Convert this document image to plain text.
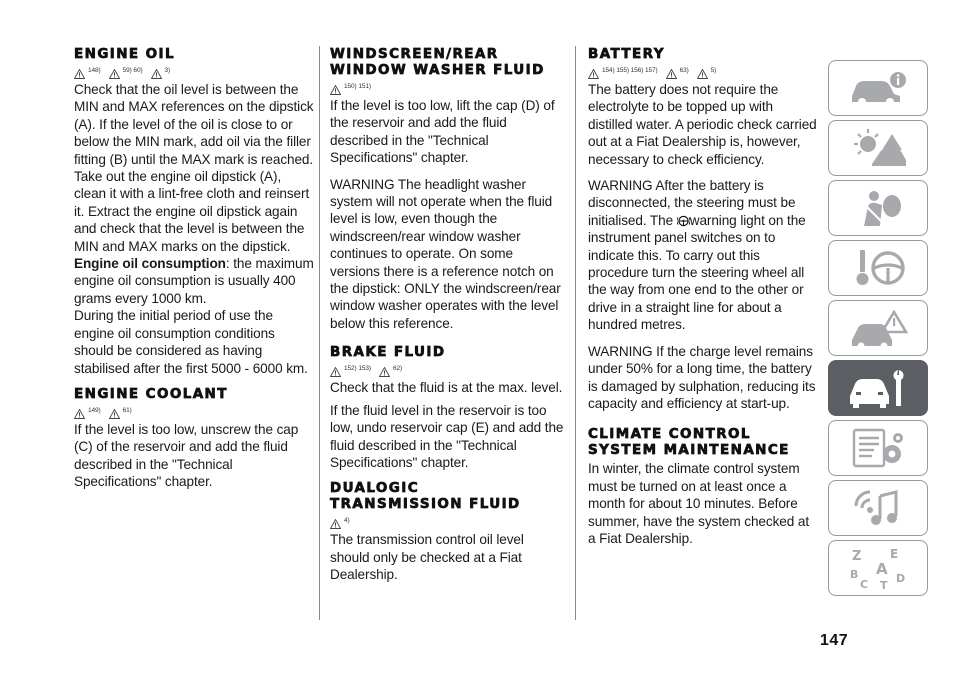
ENGINE OIL
148)	59) 60)	3)

Check that the oil level is between the MIN and MAX references on the dipstick (A). If the level of the oil is close to or below the MIN mark, add oil via the filler fitting (B) until the MAX mark is reached.

Take out the engine oil dipstick (A), clean it with a lint-free cloth and reinsert it. Extract the engine oil dipstick again and check that the level is between the MIN and MAX marks on the dipstick.

Engine oil consumption: the maximum engine oil consumption is usually 400 grams every 1000 km.

During the initial period of use the engine oil consumption conditions should be considered as having stabilised after the first 5000 - 6000 km.

ENGINE COOLANT
149)	61)

If the level is too low, unscrew the cap (C) of the reservoir and add the fluid described in the "Technical Specifications" chapter.

WINDSCREEN/REAR
WINDOW WASHER FLUID
150) 151)

If the level is too low, lift the cap (D) of the reservoir and add the fluid described in the "Technical Specifications" chapter.

WARNING The headlight washer system will not operate when the fluid level is low, even though the windscreen/rear window washer continues to operate. On some versions there is a reference notch on the dipstick: ONLY the windscreen/rear window washer operates with the level below this reference.

BRAKE FLUID
152) 153)	62)

Check that the fluid is at the max. level.

If the fluid level in the reservoir is too low, undo reservoir cap (E) and add the fluid described in the "Technical Specifications" chapter.

DUALOGIC
TRANSMISSION FLUID
4)

The transmission control oil level should only be checked at a Fiat Dealership.

BATTERY
154) 155) 156) 157)	63)	5)

The battery does not require the electrolyte to be topped up with distilled water. A periodic check carried out at a Fiat Dealership is, however, necessary to check efficiency.

WARNING After the battery is disconnected, the steering must be initialised. The warning light on the instrument panel switches on to indicate this. To carry out this procedure turn the steering wheel all the way from one end to the other or drive in a straight line for about a hundred metres.

WARNING If the charge level remains under 50% for a long time, the battery is damaged by sulphation, reducing its capacity and efficiency at start-up.

CLIMATE CONTROL
SYSTEM MAINTENANCE

In winter, the climate control system must be turned on at least once a month for about 10 minutes. Before summer, have the system checked at a Fiat Dealership.

Z E
A
B
C T
D
147
